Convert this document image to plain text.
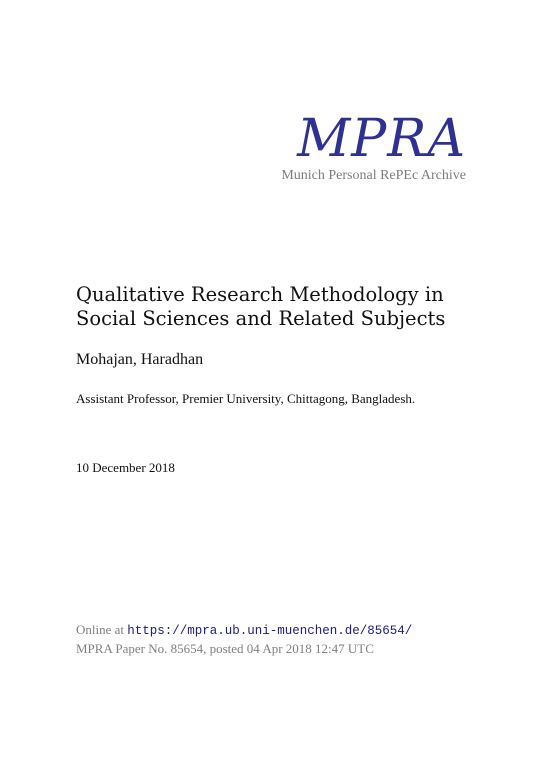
MPRA
Munich Personal RePEc Archive
Qualitative Research Methodology in
Social Sciences and Related Subjects
Mohajan, Haradhan
Assistant Professor, Premier University, Chittagong, Bangladesh.
10 December 2018
Online at https://mpra.ub.uni-muenchen.de/85654/
MPRA Paper No. 85654, posted 04 Apr 2018 12:47 UTC
